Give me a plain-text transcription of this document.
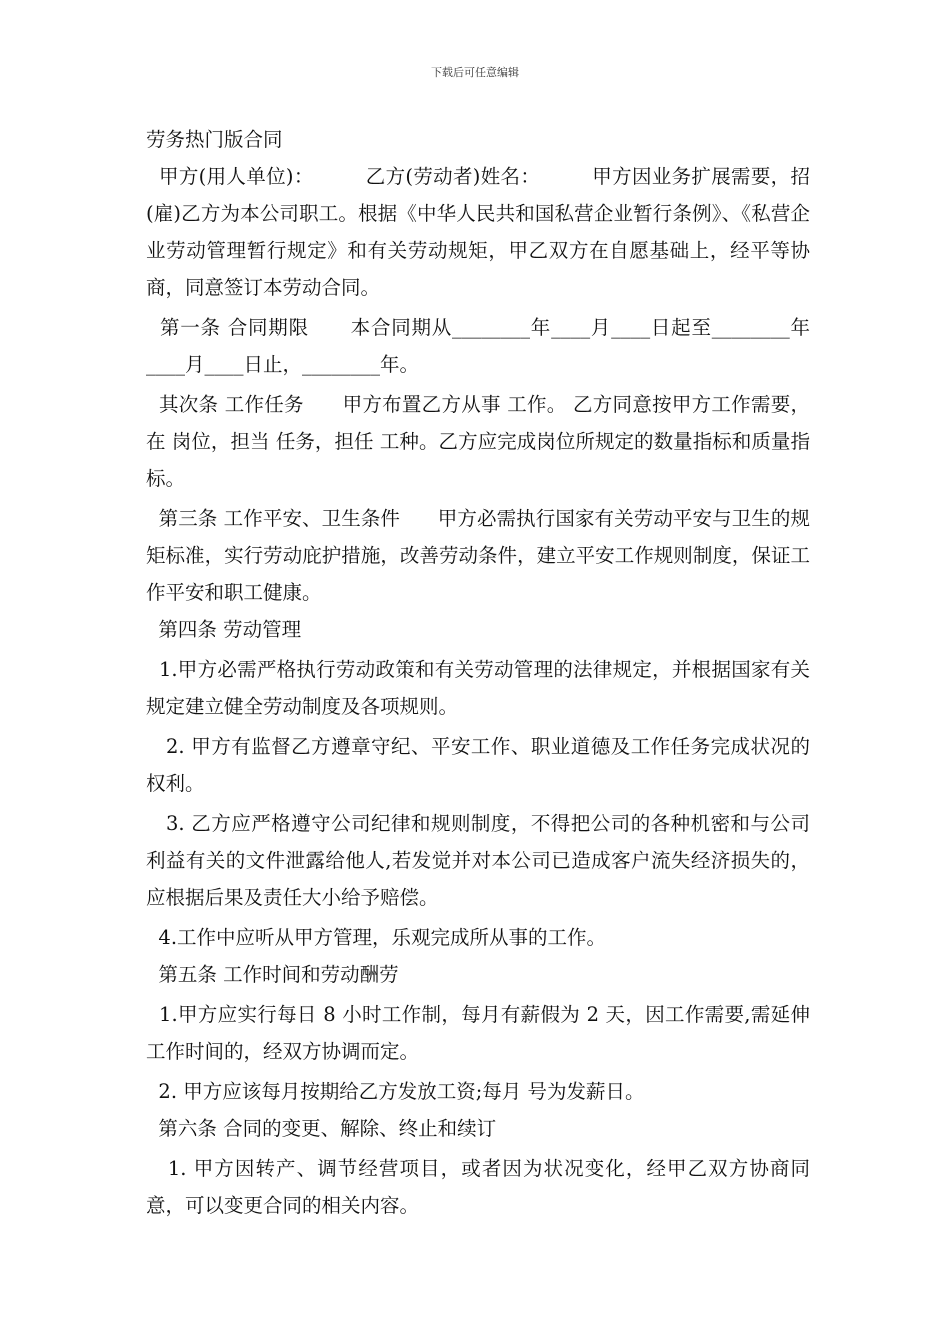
下载后可任意编辑

劳务热门版合同

甲方(用人单位)：        乙方(劳动者)姓名：        甲方因业务扩展需要，招(雇)乙方为本公司职工。根据《中华人民共和国私营企业暂行条例》、《私营企业劳动管理暂行规定》和有关劳动规矩，甲乙双方在自愿基础上，经平等协商，同意签订本劳动合同。

第一条 合同期限      本合同期从________年____月____日起至________年____月____日止，________年。

其次条 工作任务      甲方布置乙方从事 工作。 乙方同意按甲方工作需要，在 岗位，担当 任务，担任 工种。乙方应完成岗位所规定的数量指标和质量指标。

第三条 工作平安、卫生条件      甲方必需执行国家有关劳动平安与卫生的规矩标准，实行劳动庇护措施，改善劳动条件，建立平安工作规则制度，保证工作平安和职工健康。

第四条 劳动管理

1.甲方必需严格执行劳动政策和有关劳动管理的法律规定，并根据国家有关规定建立健全劳动制度及各项规则。

2. 甲方有监督乙方遵章守纪、平安工作、职业道德及工作任务完成状况的权利。

3. 乙方应严格遵守公司纪律和规则制度，不得把公司的各种机密和与公司利益有关的文件泄露给他人,若发觉并对本公司已造成客户流失经济损失的，应根据后果及责任大小给予赔偿。

4.工作中应听从甲方管理，乐观完成所从事的工作。

第五条 工作时间和劳动酬劳

1.甲方应实行每日 8 小时工作制，每月有薪假为 2 天，因工作需要,需延伸工作时间的，经双方协调而定。

2. 甲方应该每月按期给乙方发放工资;每月 号为发薪日。

第六条 合同的变更、解除、终止和续订

1. 甲方因转产、调节经营项目，或者因为状况变化，经甲乙双方协商同意，可以变更合同的相关内容。
